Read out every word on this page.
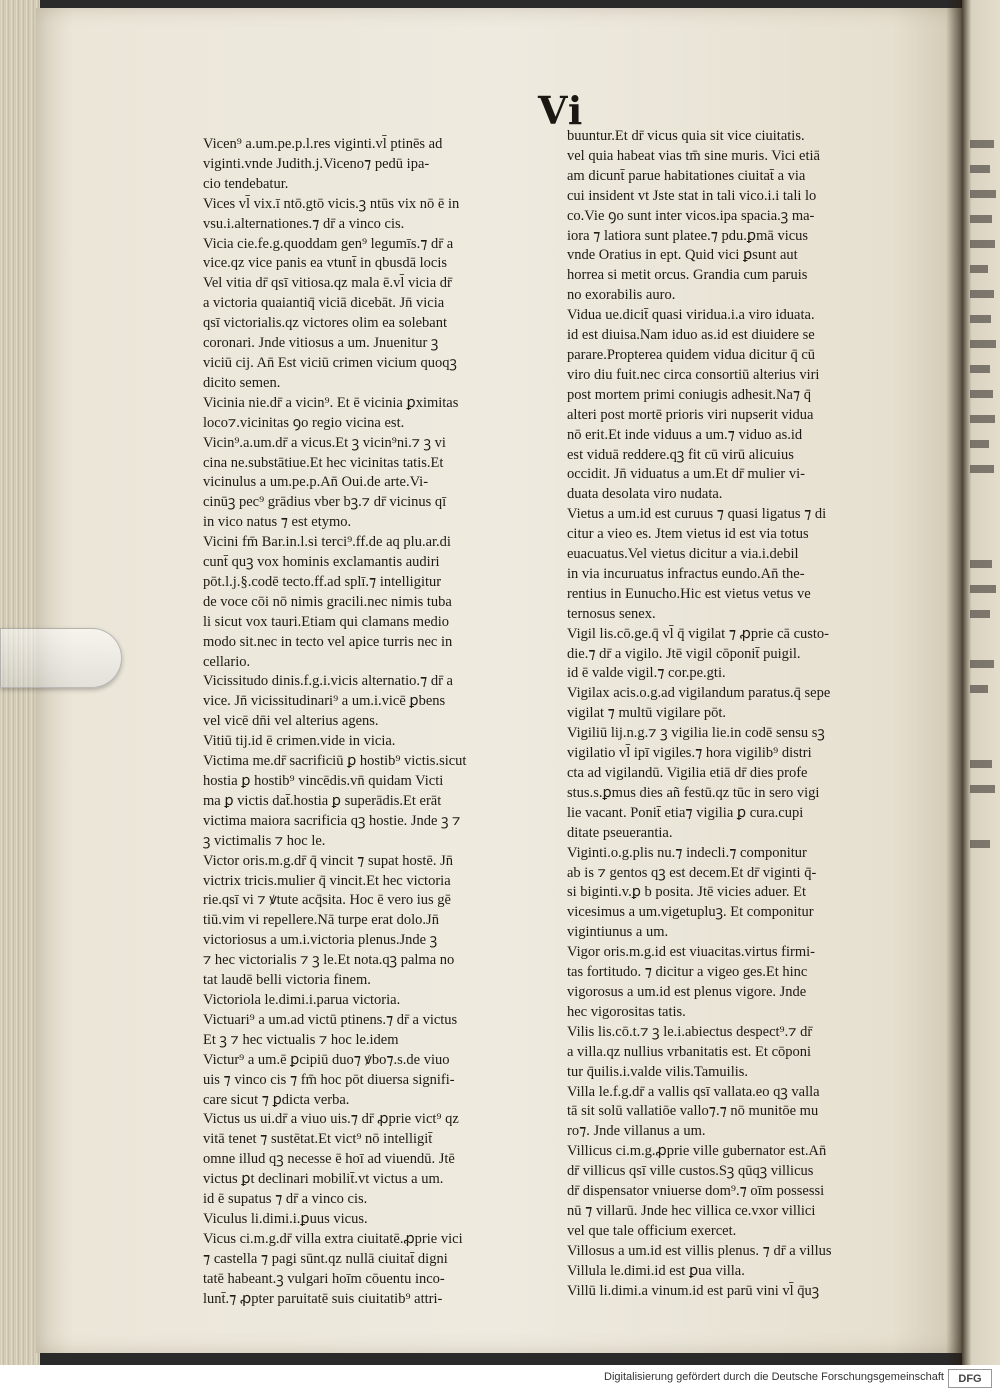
Vi

Vicen⁹ a.um.pe.p.l.res viginti.vl̄ ptinēs ad

viginti.vnde Judith.j.Viceno⁊ pedū ipa-

cio tendebatur.

Vices vl̄ vix.ī ntō.gtō vicis.ꝫ ntūs vix nō ē in

vsu.i.alternationes.⁊ dr̄ a vinco cis.

Vicia cie.fe.g.quoddam gen⁹ legumīs.⁊ dr̄ a

vice.qz vice panis ea vtunt̄ in qbusdā locis

Vel vitia dr̄ qsī vitiosa.qz mala ē.vl̄ vicia dr̄

a victoria quaiantiq̄ viciā dicebāt. Jn̄ vicia

qsī victorialis.qz victores olim ea solebant

coronari. Jnde vitiosus a um. Jnuenitur ꝫ

viciū cij. An̄ Est viciū crimen vicium quoqꝫ

dicito semen.

Vicinia nie.dr̄ a vicin⁹. Et ē vicinia ꝑximitas

loco⁊.vicinitas ꝯo regio vicina est.

Vicin⁹.a.um.dr̄ a vicus.Et ꝫ vicin⁹ni.⁊ ꝫ vi

cina ne.substātiue.Et hec vicinitas tatis.Et

vicinulus a um.pe.p.An̄ Oui.de arte.Vi-

cinūꝫ pec⁹ grādius vber bꝫ.⁊ dr̄ vicinus qī

in vico natus ⁊ est etymo.

Vicini fm̄ Bar.in.l.si terci⁹.ff.de aq plu.ar.di

cunt̄ quꝫ vox hominis exclamantis audiri

pōt.l.j.§.codē tecto.ff.ad splī.⁊ intelligitur

de voce cōi nō nimis gracili.nec nimis tuba

li sicut vox tauri.Etiam qui clamans medio

modo sit.nec in tecto vel apice turris nec in

cellario.

Vicissitudo dinis.f.g.i.vicis alternatio.⁊ dr̄ a

vice. Jn̄ vicissitudinari⁹ a um.i.vicē ꝑbens

vel vicē dn̄i vel alterius agens.

Vitiū tij.id ē crimen.vide in vicia.

Victima me.dr̄ sacrificiū ꝑ hostib⁹ victis.sicut

hostia ꝑ hostib⁹ vincēdis.vn̄ quidam Victi

ma ꝑ victis dat̄.hostia ꝑ superādis.Et erāt

victima maiora sacrificia qꝫ hostie. Jnde ꝫ ⁊

ꝫ victimalis ⁊ hoc le.

Victor oris.m.g.dr̄ q̄ vincit ⁊ supat hostē. Jn̄

victrix tricis.mulier q̄ vincit.Et hec victoria

rie.qsī vi ⁊ ꝟtute acq̄sita. Hoc ē vero ius gē

tiū.vim vi repellere.Nā turpe erat dolo.Jn̄

victoriosus a um.i.victoria plenus.Jnde ꝫ

⁊ hec victorialis ⁊ ꝫ le.Et nota.qꝫ palma no

tat laudē belli victoria finem.

Victoriola le.dimi.i.parua victoria.

Victuari⁹ a um.ad victū ptinens.⁊ dr̄ a victus

Et ꝫ ⁊ hec victualis ⁊ hoc le.idem

Victur⁹ a um.ē ꝑcipiū duo⁊ ꝟbo⁊.s.de viuo

uis ⁊ vinco cis ⁊ fm̄ hoc pōt diuersa signifi-

care sicut ⁊ ꝑdicta verba.

Victus us ui.dr̄ a viuo uis.⁊ dr̄ ꝓprie vict⁹ qz

vitā tenet ⁊ sustētat.Et vict⁹ nō intelligit̄

omne illud qꝫ necesse ē hoī ad viuendū. Jtē

victus ꝑt declinari mobilit̄.vt victus a um.

id ē supatus ⁊ dr̄ a vinco cis.

Viculus li.dimi.i.ꝑuus vicus.

Vicus ci.m.g.dr̄ villa extra ciuitatē.ꝓprie vici

⁊ castella ⁊ pagi sūnt.qz nullā ciuitat̄ digni

tatē habeant.ꝫ vulgari hoīm cōuentu inco-

lunt̄.⁊ ꝓpter paruitatē suis ciuitatib⁹ attri-

buuntur.Et dr̄ vicus quia sit vice ciuitatis.

vel quia habeat vias tm̄ sine muris. Vici etiā

am dicunt̄ parue habitationes ciuitat̄ a via

cui insident vt Jste stat in tali vico.i.i tali lo

co.Vie ꝯo sunt inter vicos.ipa spacia.ꝫ ma-

iora ⁊ latiora sunt platee.⁊ pdu.ꝑmā vicus

vnde Oratius in ept. Quid vici ꝑsunt aut

horrea si metit orcus. Grandia cum paruis

no exorabilis auro.

Vidua ue.dicit̄ quasi viridua.i.a viro iduata.

id est diuisa.Nam iduo as.id est diuidere se

parare.Propterea quidem vidua dicitur q̄ cū

viro diu fuit.nec circa consortiū alterius viri

post mortem primi coniugis adhesit.Na⁊ q̄

alteri post mortē prioris viri nupserit vidua

nō erit.Et inde viduus a um.⁊ viduo as.id

est viduā reddere.qꝫ fit cū virū alicuius

occidit. Jn̄ viduatus a um.Et dr̄ mulier vi-

duata desolata viro nudata.

Vietus a um.id est curuus ⁊ quasi ligatus ⁊ di

citur a vieo es. Jtem vietus id est via totus

euacuatus.Vel vietus dicitur a via.i.debil

in via incuruatus infractus eundo.An̄ the-

rentius in Eunucho.Hic est vietus vetus ve

ternosus senex.

Vigil lis.cō.ge.q̄ vl̄ q̄ vigilat ⁊ ꝓprie cā custo-

die.⁊ dr̄ a vigilo. Jtē vigil cōponit̄ puigil.

id ē valde vigil.⁊ cor.pe.gti.

Vigilax acis.o.g.ad vigilandum paratus.q̄ sepe

vigilat ⁊ multū vigilare pōt.

Vigiliū lij.n.g.⁊ ꝫ vigilia lie.in codē sensu sꝫ

vigilatio vl̄ ipī vigiles.⁊ hora vigilib⁹ distri

cta ad vigilandū. Vigilia etiā dr̄ dies profe

stus.s.ꝑmus dies añ festū.qz tūc in sero vigi

lie vacant. Ponit̄ etia⁊ vigilia ꝑ cura.cupi

ditate pseuerantia.

Viginti.o.g.plis nu.⁊ indecli.⁊ componitur

ab is ⁊ gentos qꝫ est decem.Et dr̄ viginti q̄-

si biginti.v.ꝑ b posita. Jtē vicies aduer. Et

vicesimus a um.vigetupluꝫ. Et componitur

vigintiunus a um.

Vigor oris.m.g.id est viuacitas.virtus firmi-

tas fortitudo. ⁊ dicitur a vigeo ges.Et hinc

vigorosus a um.id est plenus vigore. Jnde

hec vigorositas tatis.

Vilis lis.cō.t.⁊ ꝫ le.i.abiectus despect⁹.⁊ dr̄

a villa.qz nullius vrbanitatis est. Et cōponi

tur q̄uilis.i.valde vilis.Tamuilis.

Villa le.f.g.dr̄ a vallis qsī vallata.eo qꝫ valla

tā sit solū vallatiōe vallo⁊.⁊ nō munitōe mu

ro⁊. Jnde villanus a um.

Villicus ci.m.g.ꝓprie ville gubernator est.An̄

dr̄ villicus qsī ville custos.Sꝫ qūqꝫ villicus

dr̄ dispensator vniuerse dom⁹.⁊ oīm possessi

nū ⁊ villarū. Jnde hec villica ce.vxor villici

vel que tale officium exercet.

Villosus a um.id est villis plenus. ⁊ dr̄ a villus

Villula le.dimi.id est ꝑua villa.

Villū li.dimi.a vinum.id est parū vini vl̄ q̄uꝫ

Digitalisierung gefördert durch die Deutsche Forschungsgemeinschaft	DFG
